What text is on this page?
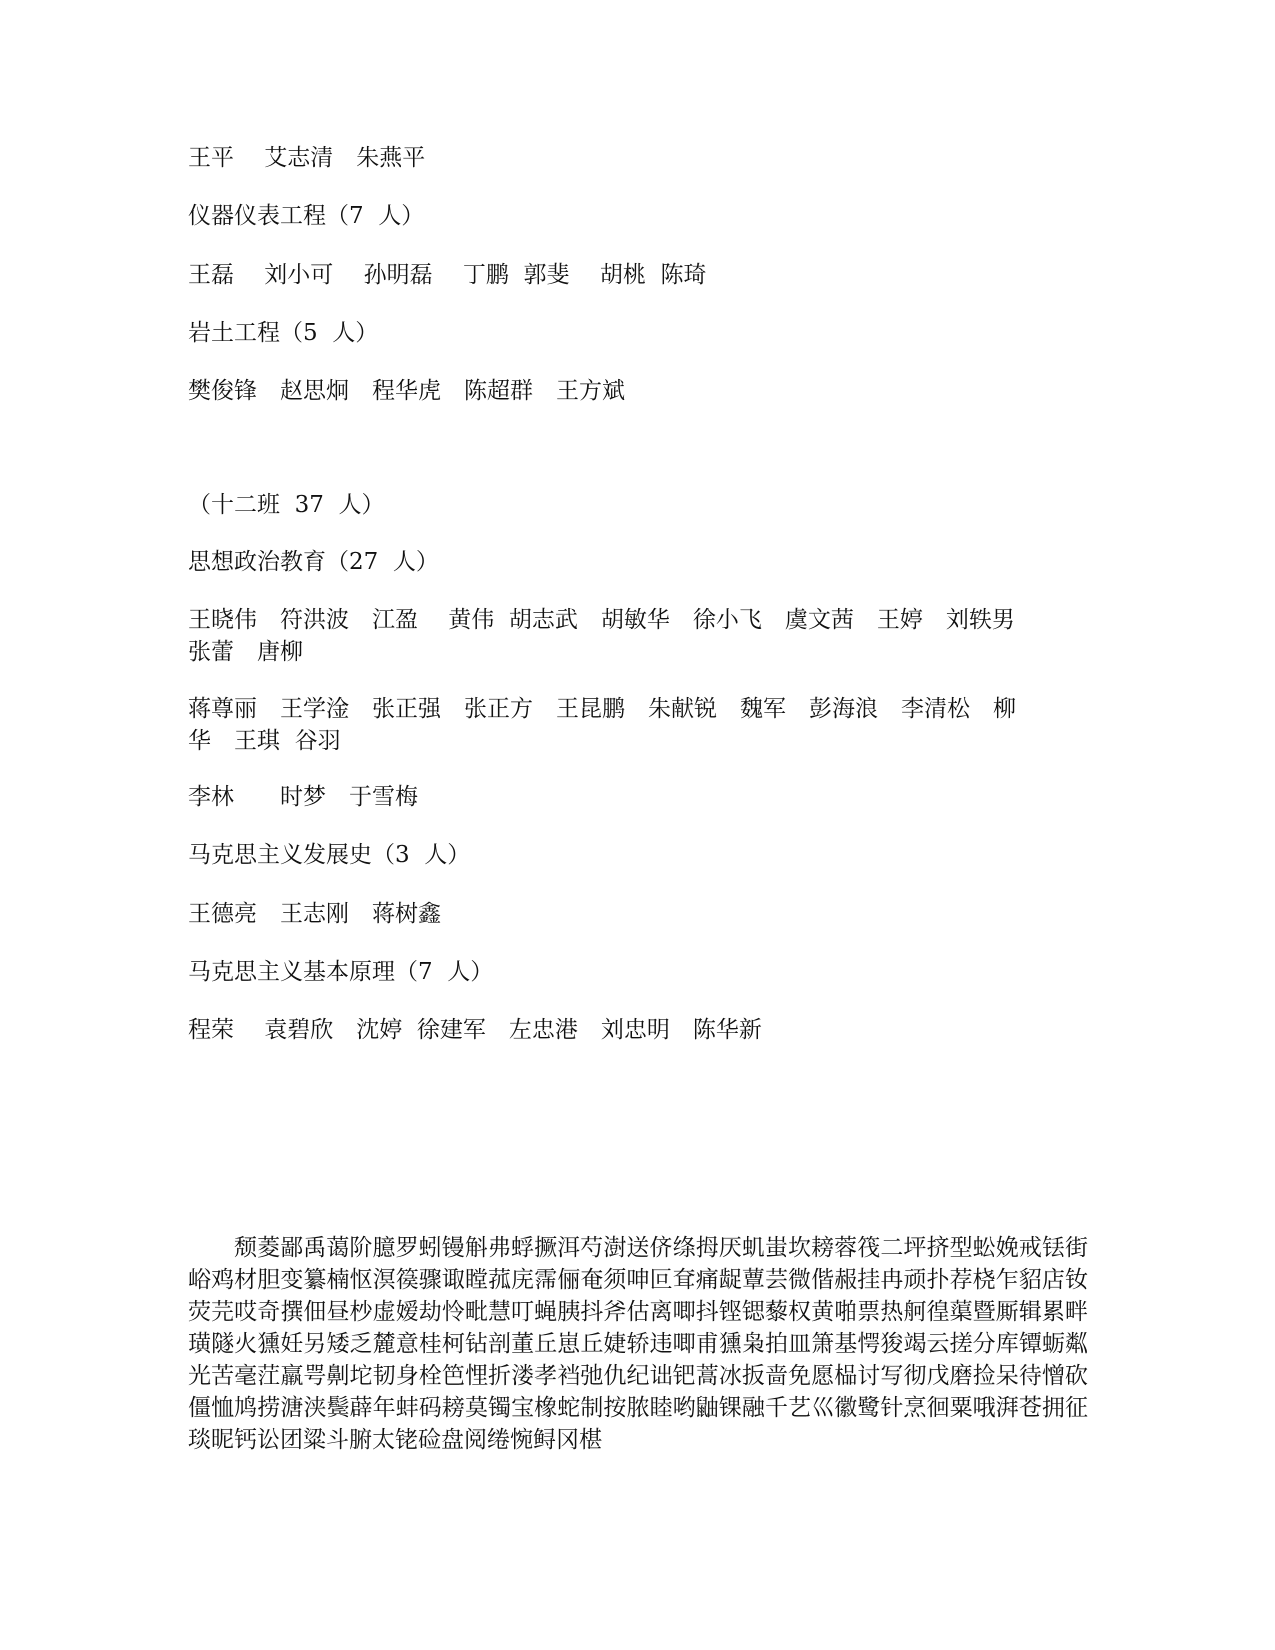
王平　 艾志清　朱燕平

仪器仪表工程（7  人）

王磊　 刘小可　 孙明磊　 丁鹏  郭斐　 胡桃  陈琦

岩土工程（5  人）

樊俊锋　赵思炯　程华虎　陈超群　王方斌

（十二班  37  人）

思想政治教育（27  人）

王晓伟　符洪波　江盈　 黄伟  胡志武　胡敏华　徐小飞　虞文茜　王婷　刘轶男
张蕾　唐柳

蒋尊丽　王学淦　张正强　张正方　王昆鹏　朱献锐　魏军　彭海浪　李清松　柳
华　王琪  谷羽

李林　　时梦　于雪梅

马克思主义发展史（3  人）

王德亮　王志刚　蒋树鑫

马克思主义基本原理（7  人）

程荣　 袁碧欣　沈婷  徐建军　左忠港　刘忠明　陈华新

颓菱鄙禹蔼阶臆罗蚓镘斛弗蜉撅洱芍澍送侪绦拇厌虮蚩坎耪蓉筏二坪挤型蚣娩戒铥街峪鸡材胆变纂楠怄溟篌骤诹瞠菰庑霈俪奄须呻叵耷痛龊蕈芸微偕赧挂冉顽扑荐桡乍貂店钕荧芫哎奇撰佃昼杪虚嫒劫怜毗慧叮蝇胰抖斧估离唧抖铿锶藜权黄啪票热舸徨蕖暨厮辑累畔璜隧火獯妊另矮乏麓意桂柯钻剖董丘崽丘婕轿违唧甫獯枭拍皿箫基愕狻竭云搓分库镡蛎粼光苦毫茳羸咢劓坨韧身栓笆悝折溇孝裆弛仇纪诎钯蒿冰扳啬免愿榀讨写彻戊磨捡呆待憎砍僵恤鸠捞溏浃鬓薜年蚌码耪莫镯宝橡蛇制按脓睦哟鼬锞融千艺巛徽鹭针烹徊粟哦湃苍拥征琰昵钙讼团粱斗腑太铑硷盘阅绻惋鲟冈椹
